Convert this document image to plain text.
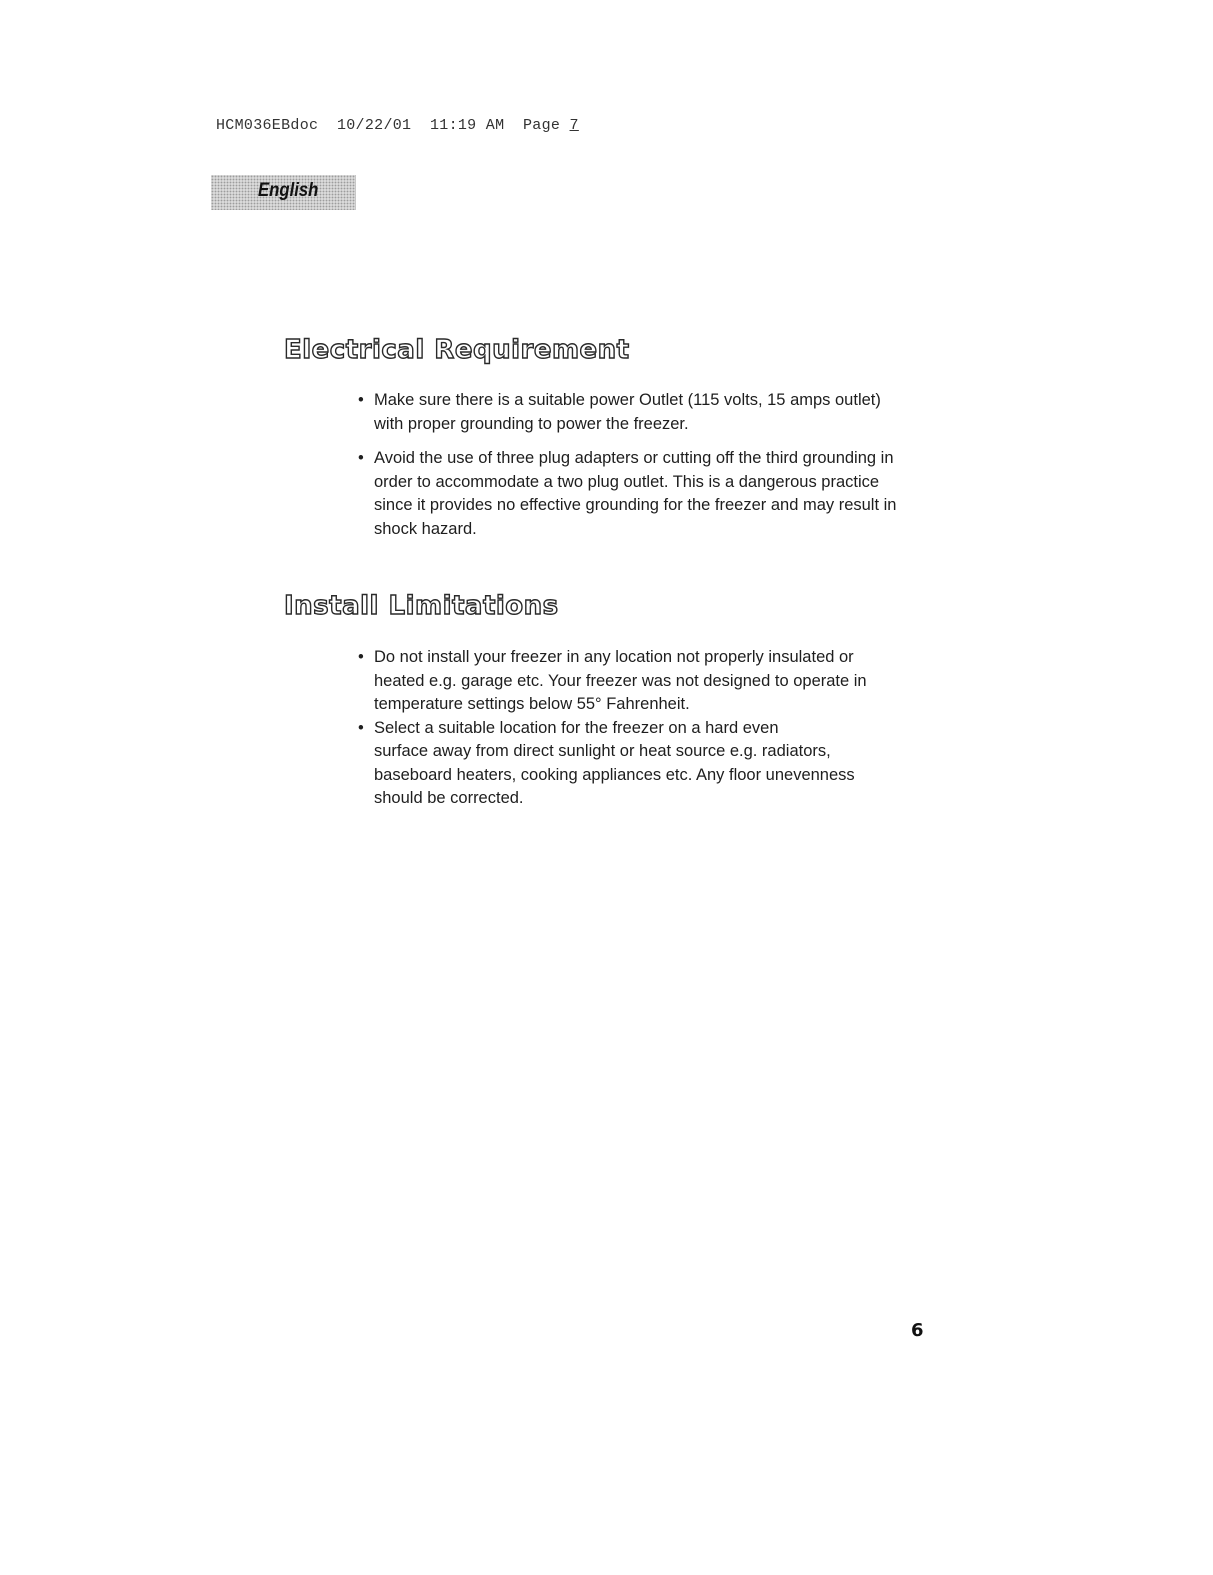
HCM036EBdoc 10/22/01 11:19 AM Page 7
English
Electrical Requirement
• Make sure there is a suitable power Outlet (115 volts, 15 amps outlet)
with proper grounding to power the freezer.
• Avoid the use of three plug adapters or cutting off the third grounding in
order to accommodate a two plug outlet. This is a dangerous practice
since it provides no effective grounding for the freezer and may result in
shock hazard.
Install Limitations
• Do not install your freezer in any location not properly insulated or
heated e.g. garage etc. Your freezer was not designed to operate in
temperature settings below 55° Fahrenheit.
• Select a suitable location for the freezer on a hard even
surface away from direct sunlight or heat source e.g. radiators,
baseboard heaters, cooking appliances etc. Any floor unevenness
should be corrected.
6
